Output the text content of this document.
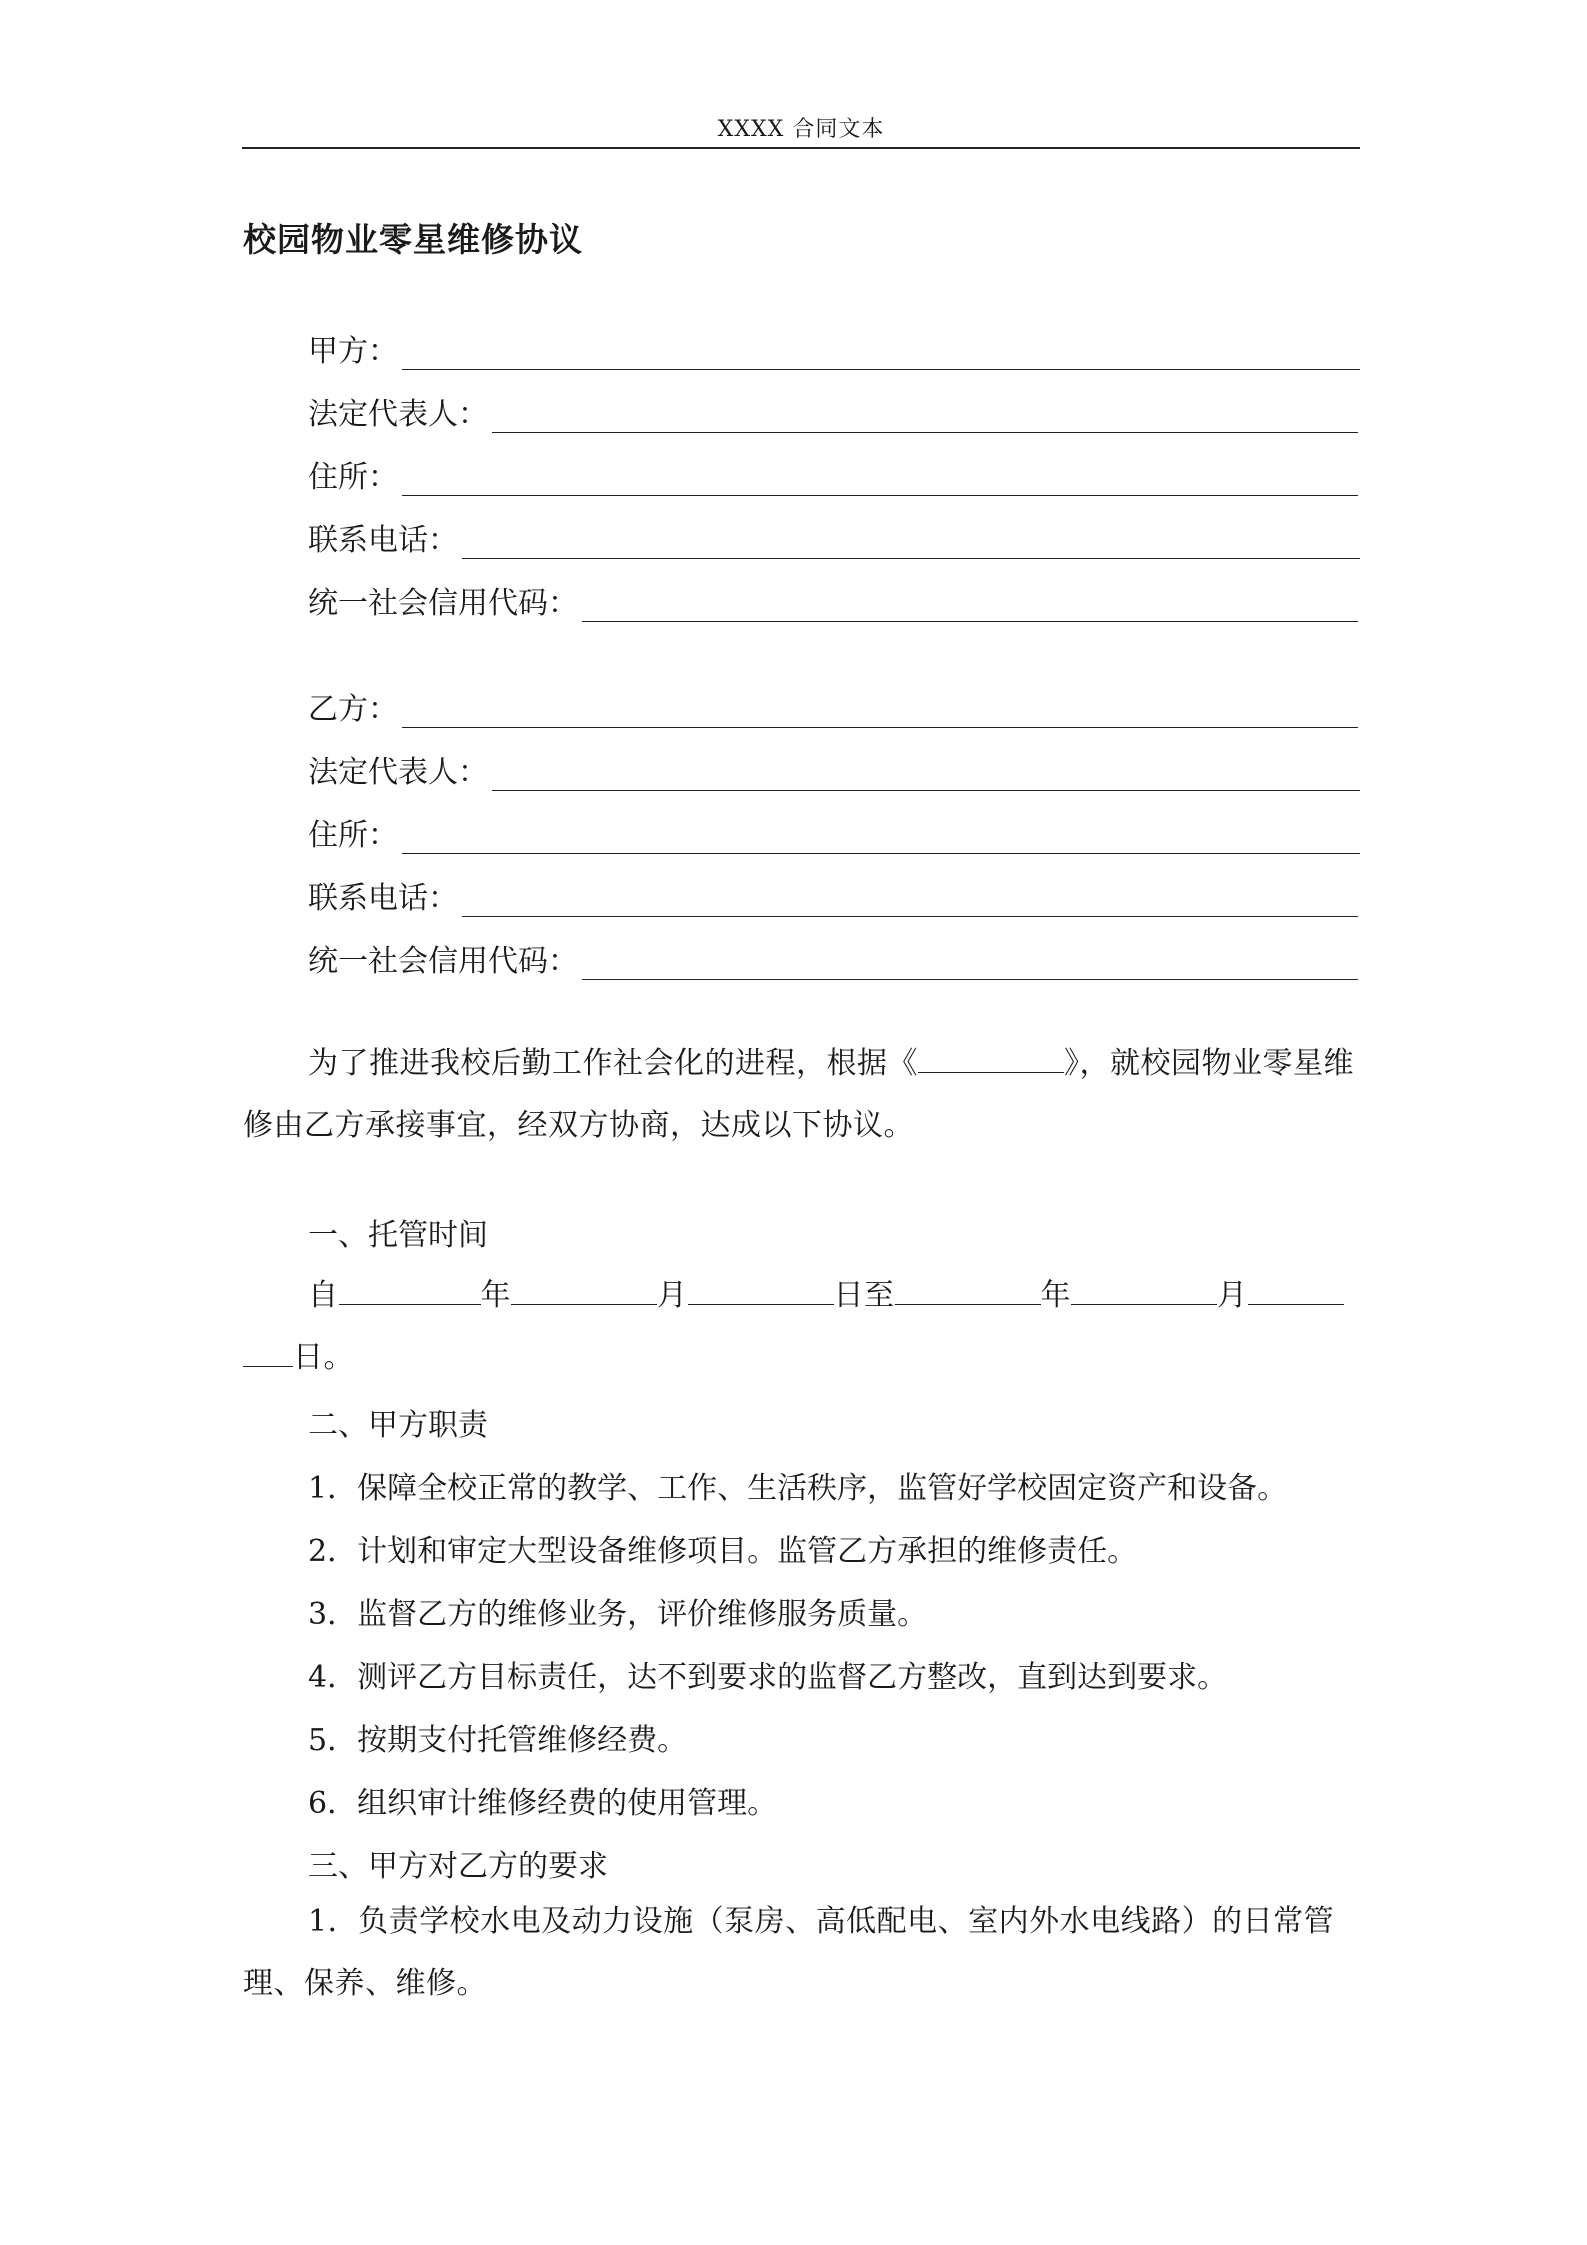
XXXX 合同文本
校园物业零星维修协议
甲方：
法定代表人：
住所：
联系电话：
统一社会信用代码：
乙方：
法定代表人：
住所：
联系电话：
统一社会信用代码：
为了推进我校后勤工作社会化的进程，根据《	》，就校园物业零星维修由乙方承接事宜，经双方协商，达成以下协议。
一、托管时间
自	年	月	日至	年	月
日。
二、甲方职责
1．保障全校正常的教学、工作、生活秩序，监管好学校固定资产和设备。
2．计划和审定大型设备维修项目。监管乙方承担的维修责任。
3．监督乙方的维修业务，评价维修服务质量。
4．测评乙方目标责任，达不到要求的监督乙方整改，直到达到要求。
5．按期支付托管维修经费。
6．组织审计维修经费的使用管理。
三、甲方对乙方的要求
1．负责学校水电及动力设施（泵房、高低配电、室内外水电线路）的日常管理、保养、维修。
